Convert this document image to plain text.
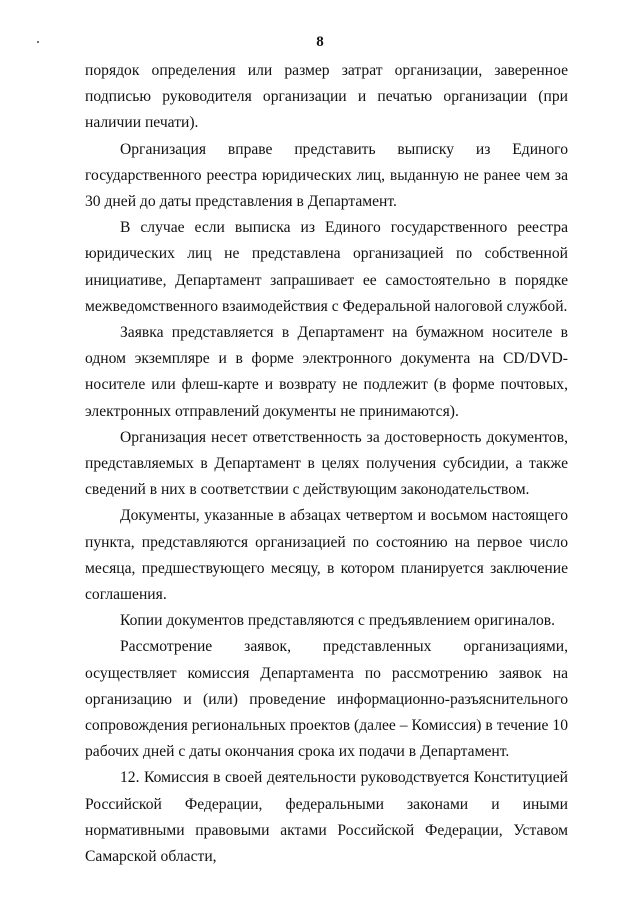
8

порядок определения или размер затрат организации, заверенное подписью руководителя организации и печатью организации (при наличии печати).

Организация вправе представить выписку из Единого государственного реестра юридических лиц, выданную не ранее чем за 30 дней до даты представления в Департамент.

В случае если выписка из Единого государственного реестра юридических лиц не представлена организацией по собственной инициативе, Департамент запрашивает ее самостоятельно в порядке межведомственного взаимодействия с Федеральной налоговой службой.

Заявка представляется в Департамент на бумажном носителе в одном экземпляре и в форме электронного документа на CD/DVD-носителе или флеш-карте и возврату не подлежит (в форме почтовых, электронных отправлений документы не принимаются).

Организация несет ответственность за достоверность документов, представляемых в Департамент в целях получения субсидии, а также сведений в них в соответствии с действующим законодательством.

Документы, указанные в абзацах четвертом и восьмом настоящего пункта, представляются организацией по состоянию на первое число месяца, предшествующего месяцу, в котором планируется заключение соглашения.

Копии документов представляются с предъявлением оригиналов.

Рассмотрение заявок, представленных организациями, осуществляет комиссия Департамента по рассмотрению заявок на организацию и (или) проведение информационно-разъяснительного сопровождения региональных проектов (далее – Комиссия) в течение 10 рабочих дней с даты окончания срока их подачи в Департамент.

12. Комиссия в своей деятельности руководствуется Конституцией Российской Федерации, федеральными законами и иными нормативными правовыми актами Российской Федерации, Уставом Самарской области,
